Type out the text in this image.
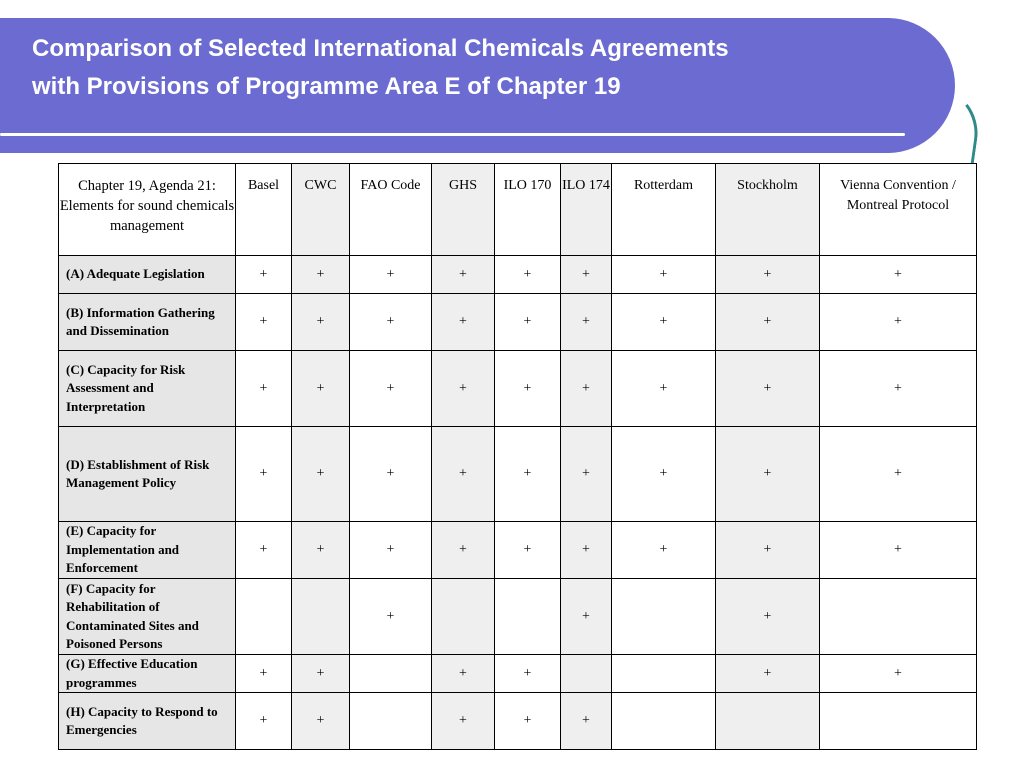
Comparison of Selected International Chemicals Agreements
with Provisions of Programme Area E of Chapter 19
Chapter 19, Agenda 21: Elements for sound chemicals management	Basel	CWC	FAO Code	GHS	ILO 170	ILO 174	Rotterdam	Stockholm	Vienna Convention / Montreal Protocol
(A) Adequate Legislation	+	+	+	+	+	+	+	+	+
(B) Information Gathering and Dissemination	+	+	+	+	+	+	+	+	+
(C) Capacity for Risk Assessment and Interpretation	+	+	+	+	+	+	+	+	+
(D) Establishment of Risk Management Policy	+	+	+	+	+	+	+	+	+
(E) Capacity for Implementation and Enforcement	+	+	+	+	+	+	+	+	+
(F) Capacity for Rehabilitation of Contaminated Sites and Poisoned Persons			+			+		+	
(G) Effective Education programmes	+	+		+	+			+	+
(H) Capacity to Respond to Emergencies	+	+		+	+	+			
